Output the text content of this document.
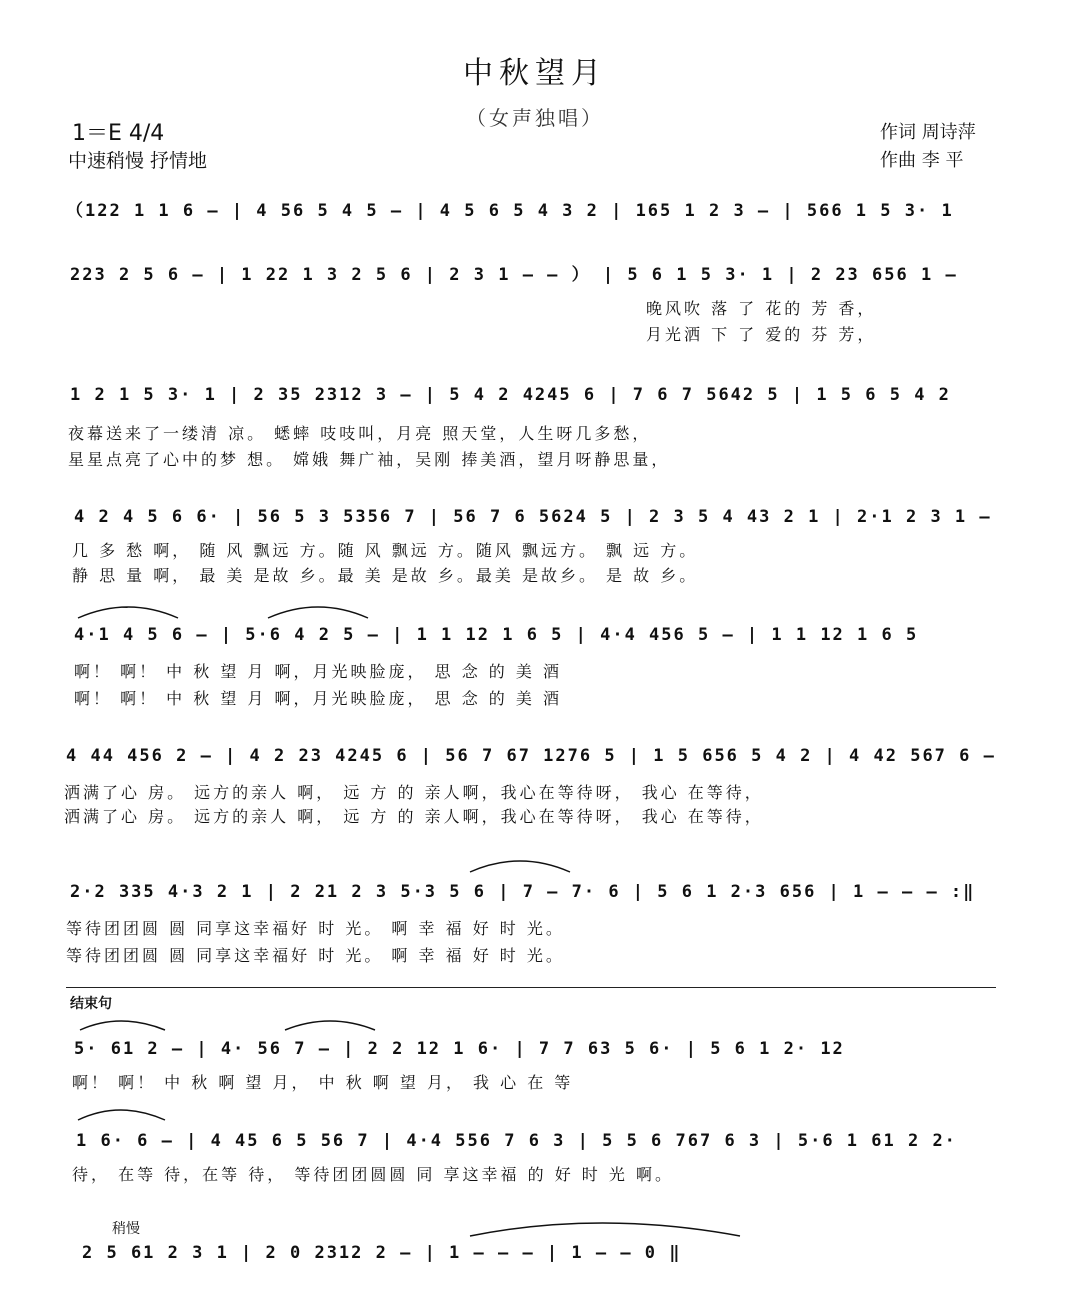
中秋望月
（女声独唱）
1＝E 4/4
中速稍慢 抒情地
作词 周诗萍
作曲 李 平
（122 1 1 6 – | 4 56 5 4 5 – | 4 5 6 5 4 3 2 | 165 1 2 3 – | 566 1 5 3· 1
223 2 5 6 – | 1 22 1 3 2 5 6 | 2 3 1 – – ） | 5 6 1 5 3· 1 | 2 23 656 1 –
晚风吹 落 了 花的 芳 香，
月光洒 下 了 爱的 芬 芳，
1 2 1 5 3· 1 | 2 35 2312 3 – | 5 4 2 4245 6 | 7 6 7 5642 5 | 1 5 6 5 4 2
夜幕送来了一缕清 凉。 蟋蟀 吱吱叫，月亮 照天堂，人生呀几多愁，
星星点亮了心中的梦 想。 嫦娥 舞广袖，吴刚 捧美酒，望月呀静思量，
4 2 4 5 6 6· | 56 5 3 5356 7 | 56 7 6 5624 5 | 2 3 5 4 43 2 1 | 2·1 2 3 1 –
几 多 愁 啊， 随 风 飘远 方。随 风 飘远 方。随风 飘远方。 飘 远 方。
静 思 量 啊， 最 美 是故 乡。最 美 是故 乡。最美 是故乡。 是 故 乡。
4·1 4 5 6 – | 5·6 4 2 5 – | 1 1 12 1 6 5 | 4·4 456 5 – | 1 1 12 1 6 5
啊！ 啊！ 中 秋 望 月 啊，月光映脸庞， 思 念 的 美 酒
啊！ 啊！ 中 秋 望 月 啊，月光映脸庞， 思 念 的 美 酒
4 44 456 2 – | 4 2 23 4245 6 | 56 7 67 1276 5 | 1 5 656 5 4 2 | 4 42 567 6 –
洒满了心 房。 远方的亲人 啊， 远 方 的 亲人啊，我心在等待呀， 我心 在等待，
洒满了心 房。 远方的亲人 啊， 远 方 的 亲人啊，我心在等待呀， 我心 在等待，
2·2 335 4·3 2 1 | 2 21 2 3 5·3 5 6 | 7 – 7· 6 | 5 6 1 2·3 656 | 1 – – – :‖
等待团团圆 圆 同享这幸福好 时 光。 啊 幸 福 好 时 光。
等待团团圆 圆 同享这幸福好 时 光。 啊 幸 福 好 时 光。
结束句
5· 61 2 – | 4· 56 7 – | 2 2 12 1 6· | 7 7 63 5 6· | 5 6 1 2· 12
啊！ 啊！ 中 秋 啊 望 月， 中 秋 啊 望 月， 我 心 在 等
1 6· 6 – | 4 45 6 5 56 7 | 4·4 556 7 6 3 | 5 5 6 767 6 3 | 5·6 1 61 2 2·
待， 在等 待，在等 待， 等待团团圆圆 同 享这幸福 的 好 时 光 啊。
稍慢
2 5 61 2 3 1 | 2 0 2312 2 – | 1 – – – | 1 – – 0 ‖
